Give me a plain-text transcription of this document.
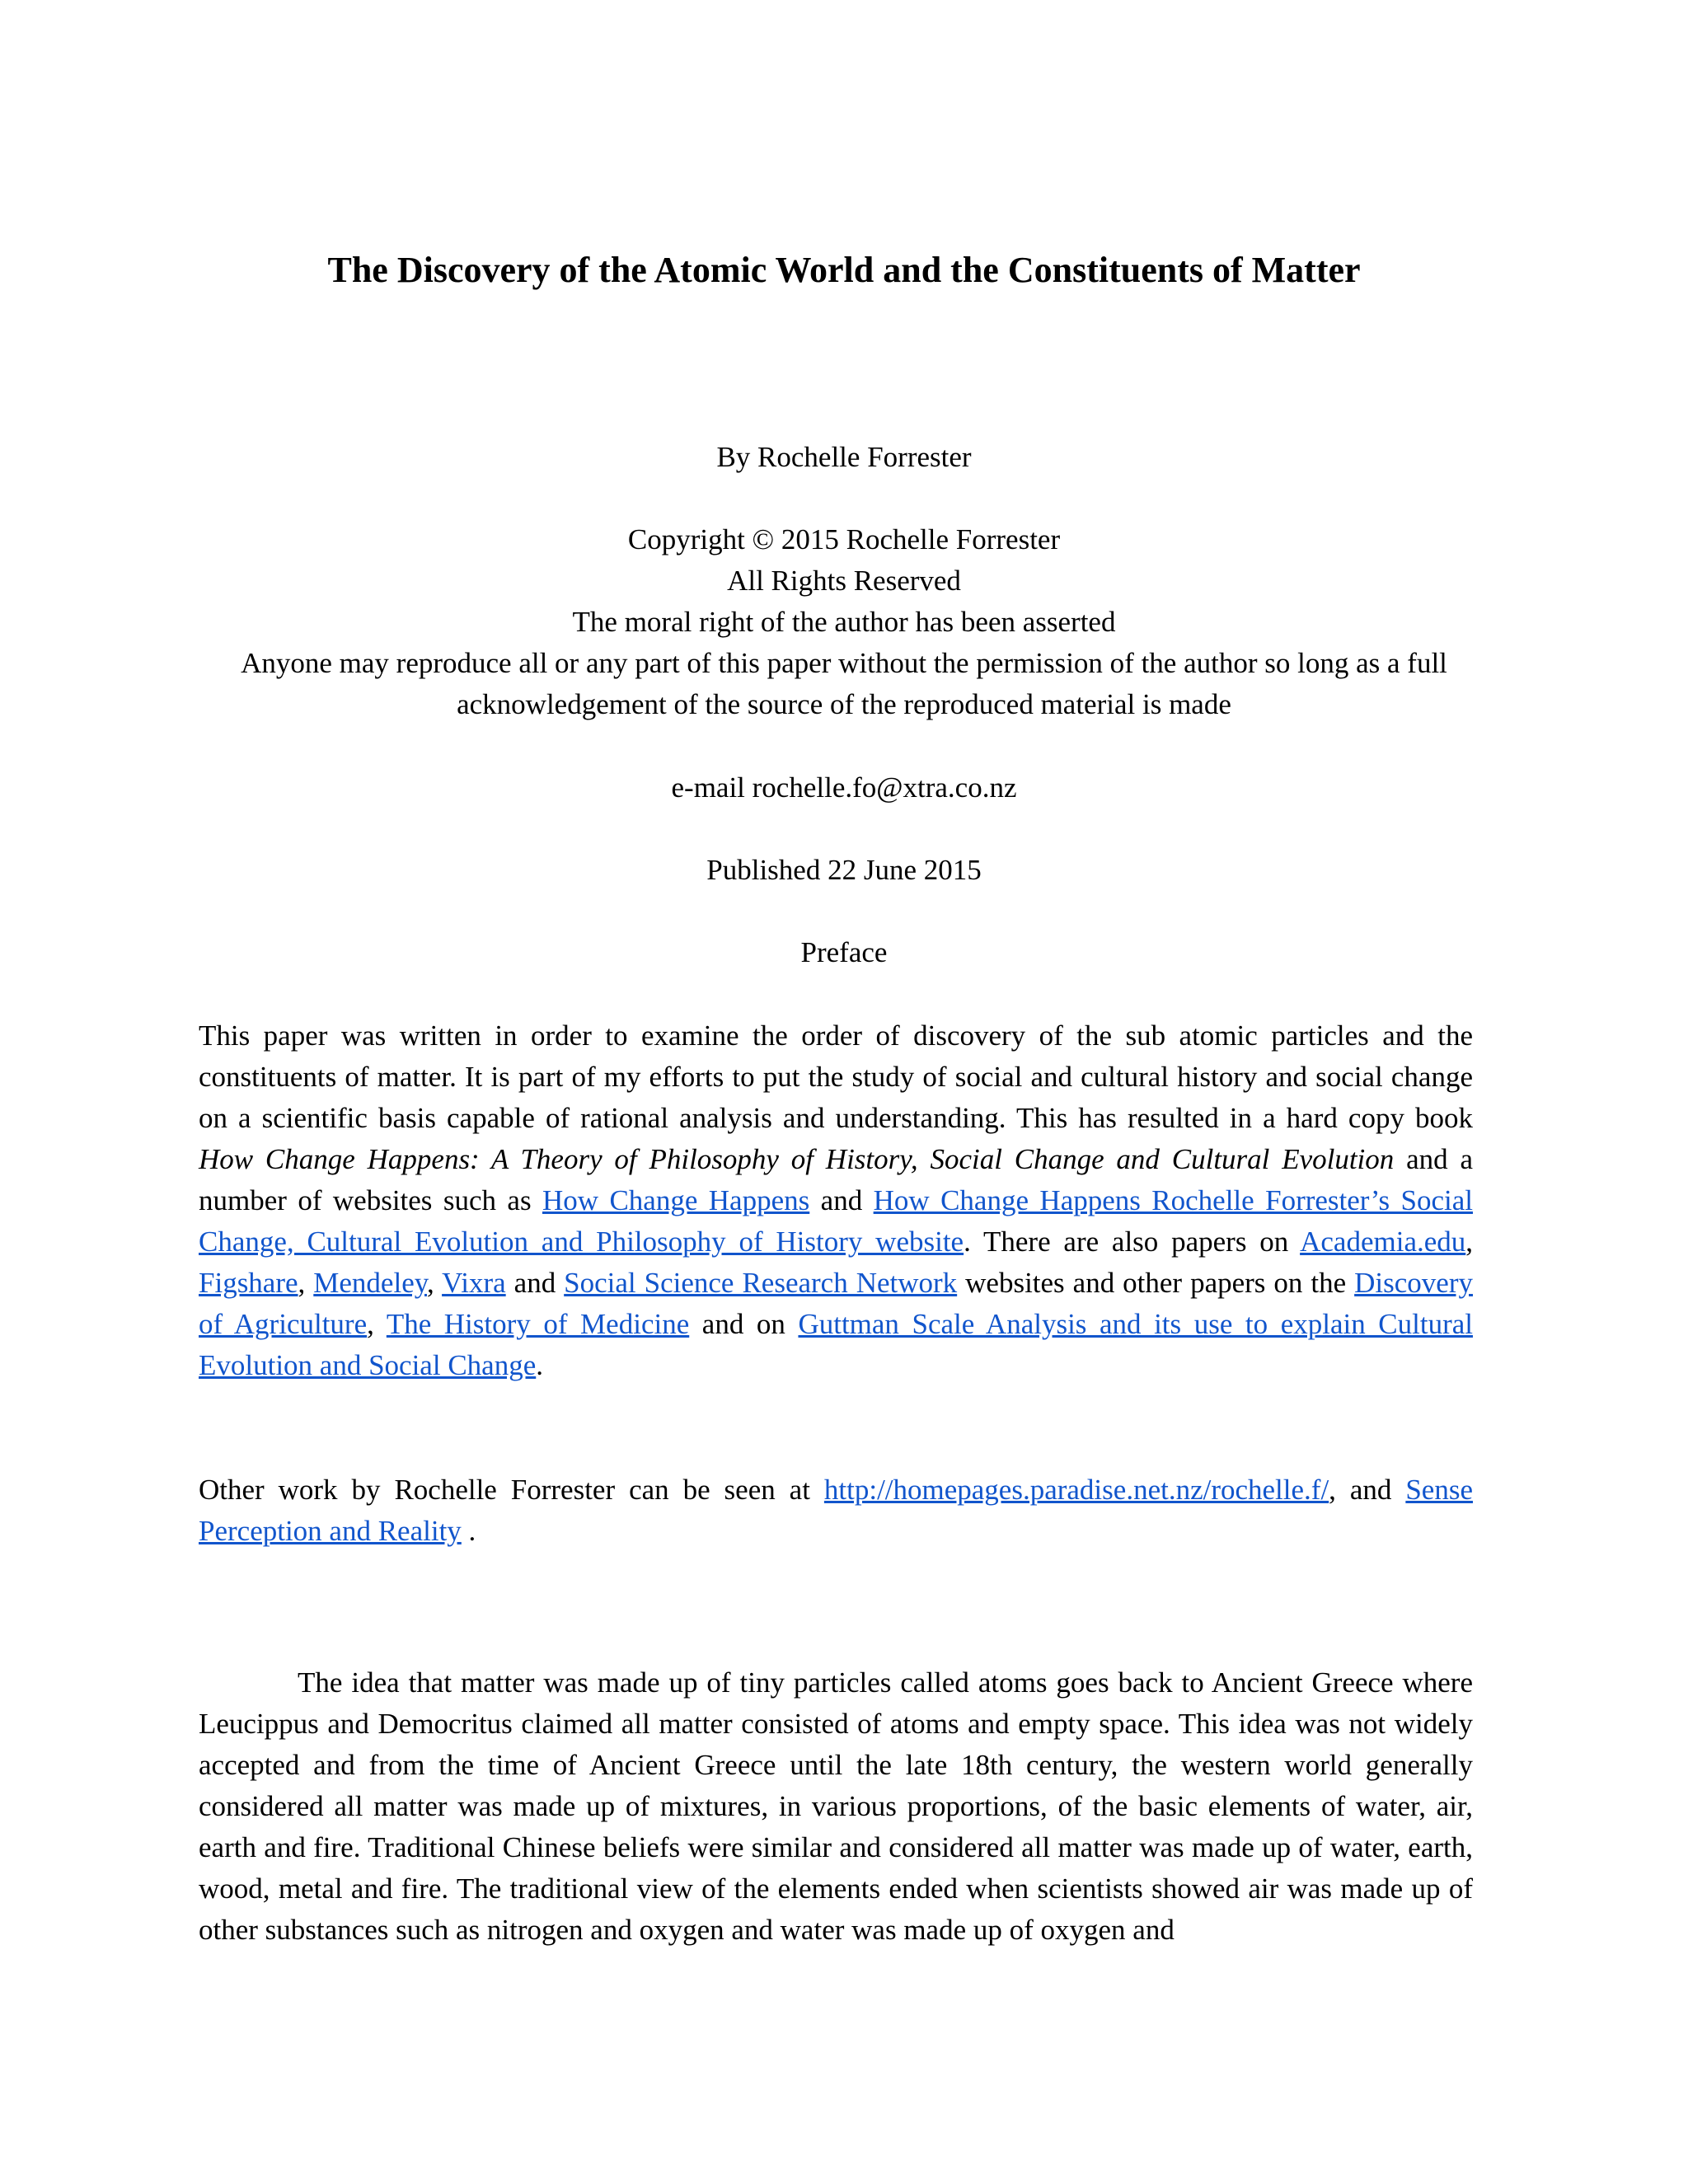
The Discovery of the Atomic World and the Constituents of Matter
By Rochelle Forrester

Copyright © 2015 Rochelle Forrester

All Rights Reserved

The moral right of the author has been asserted

Anyone may reproduce all or any part of this paper without the permission of the author so long as a full

acknowledgement of the source of the reproduced material is made

e-mail rochelle.fo@xtra.co.nz
Published 22 June 2015
Preface

This paper was written in order to examine the order of discovery of the sub atomic particles and the constituents of matter. It is part of my efforts to put the study of social and cultural history and social change on a scientific basis capable of rational analysis and understanding. This has resulted in a hard copy book How Change Happens: A Theory of Philosophy of History, Social Change and Cultural Evolution and a number of websites such as How Change Happens and How Change Happens Rochelle Forrester’s Social Change, Cultural Evolution and Philosophy of History website. There are also papers on Academia.edu, Figshare, Mendeley, Vixra and Social Science Research Network websites and other papers on the Discovery of Agriculture, The History of Medicine and on Guttman Scale Analysis and its use to explain Cultural Evolution and Social Change.

Other work by Rochelle Forrester can be seen at http://homepages.paradise.net.nz/rochelle.f/, and Sense Perception and Reality .

The idea that matter was made up of tiny particles called atoms goes back to Ancient Greece where Leucippus and Democritus claimed all matter consisted of atoms and empty space. This idea was not widely accepted and from the time of Ancient Greece until the late 18th century, the western world generally considered all matter was made up of mixtures, in various proportions, of the basic elements of water, air, earth and fire. Traditional Chinese beliefs were similar and considered all matter was made up of water, earth, wood, metal and fire. The traditional view of the elements ended when scientists showed air was made up of other substances such as nitrogen and oxygen and water was made up of oxygen and
